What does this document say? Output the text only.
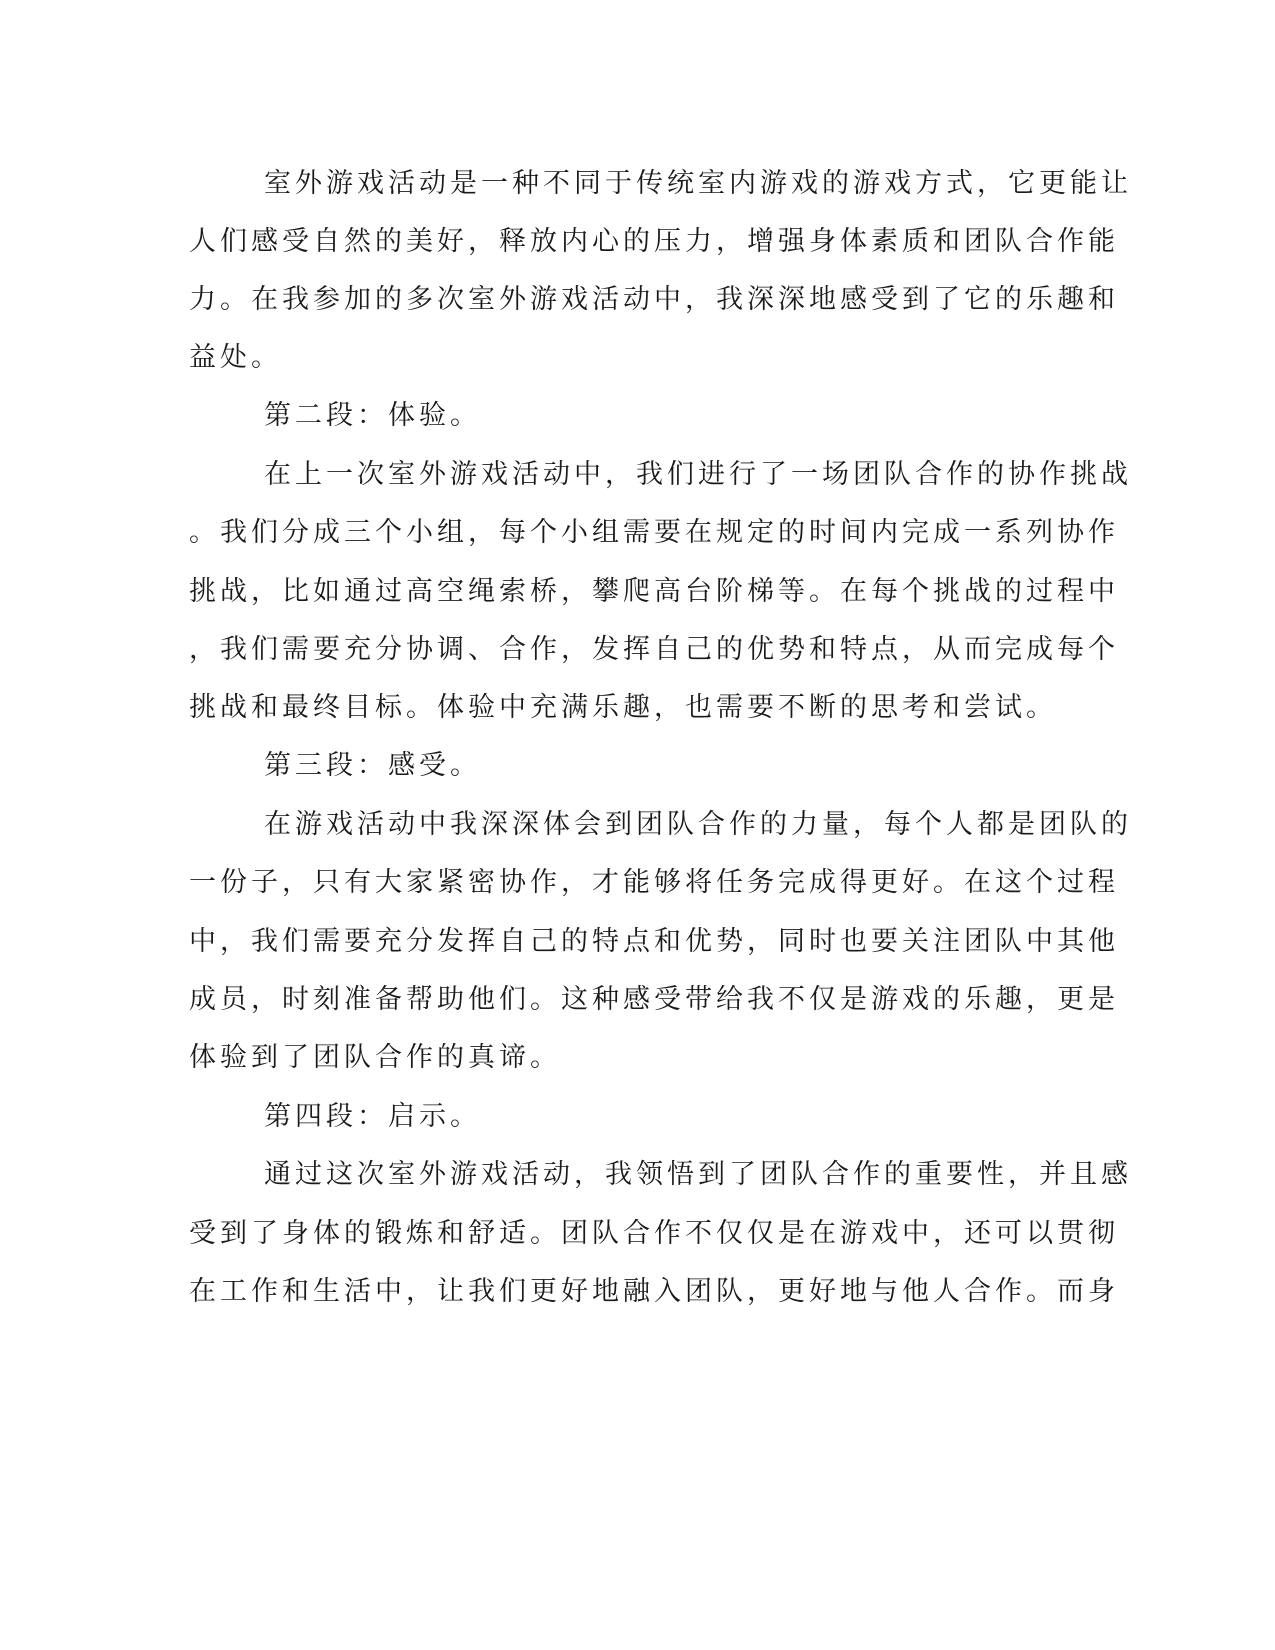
室外游戏活动是一种不同于传统室内游戏的游戏方式，它更能让
人们感受自然的美好，释放内心的压力，增强身体素质和团队合作能
力。在我参加的多次室外游戏活动中，我深深地感受到了它的乐趣和
益处。
第二段：体验。
在上一次室外游戏活动中，我们进行了一场团队合作的协作挑战
。我们分成三个小组，每个小组需要在规定的时间内完成一系列协作
挑战，比如通过高空绳索桥，攀爬高台阶梯等。在每个挑战的过程中
，我们需要充分协调、合作，发挥自己的优势和特点，从而完成每个
挑战和最终目标。体验中充满乐趣，也需要不断的思考和尝试。
第三段：感受。
在游戏活动中我深深体会到团队合作的力量，每个人都是团队的
一份子，只有大家紧密协作，才能够将任务完成得更好。在这个过程
中，我们需要充分发挥自己的特点和优势，同时也要关注团队中其他
成员，时刻准备帮助他们。这种感受带给我不仅是游戏的乐趣，更是
体验到了团队合作的真谛。
第四段：启示。
通过这次室外游戏活动，我领悟到了团队合作的重要性，并且感
受到了身体的锻炼和舒适。团队合作不仅仅是在游戏中，还可以贯彻
在工作和生活中，让我们更好地融入团队，更好地与他人合作。而身
